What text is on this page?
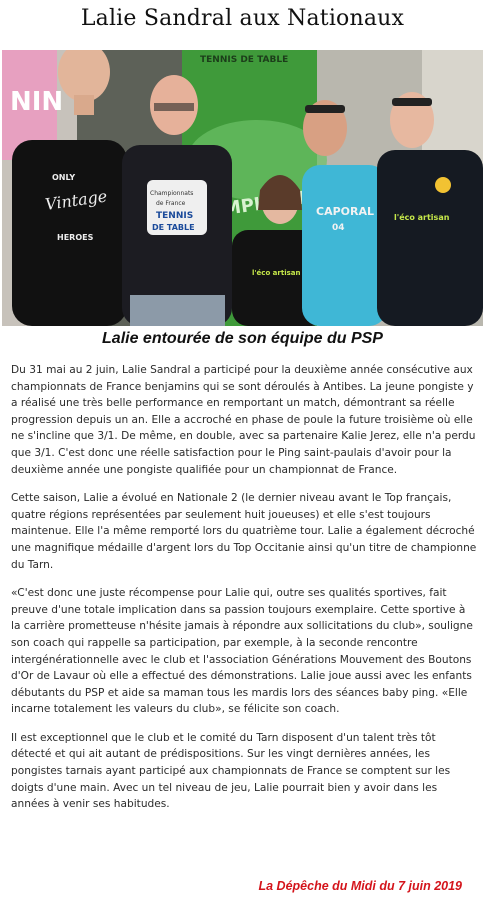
Lalie Sandral aux Nationaux
NIN
TENNIS DE TABLE
ONLY
Vintage
HEROES
Championnats
de France
TENNIS
DE TABLE
l'éco artisan
CAPORAL
04
l'éco artisan
Lalie entourée de son équipe du PSP

Du 31 mai au 2 juin, Lalie Sandral a participé pour la deuxième année consécutive aux championnats de France benjamins qui se sont déroulés à Antibes. La jeune pongiste y a réalisé une très belle performance en remportant un match, démontrant sa réelle progression depuis un an. Elle a accroché en phase de poule la future troisième où elle ne s'incline que 3/1. De même, en double, avec sa partenaire Kalie Jerez, elle n'a perdu que 3/1. C'est donc une réelle satisfaction pour le Ping saint-paulais d'avoir pour la deuxième année une pongiste qualifiée pour un championnat de France.

Cette saison, Lalie a évolué en Nationale 2 (le dernier niveau avant le Top français, quatre régions représentées par seulement huit joueuses) et elle s'est toujours maintenue. Elle l'a même remporté lors du quatrième tour. Lalie a également décroché une magnifique médaille d'argent lors du Top Occitanie ainsi qu'un titre de championne du Tarn.

«C'est donc une juste récompense pour Lalie qui, outre ses qualités sportives, fait preuve d'une totale implication dans sa passion toujours exemplaire. Cette sportive à la carrière prometteuse n'hésite jamais à répondre aux sollicitations du club», souligne son coach qui rappelle sa participation, par exemple, à la seconde rencontre intergénérationnelle avec le club et l'association Générations Mouvement des Boutons d'Or de Lavaur où elle a effectué des démonstrations. Lalie joue aussi avec les enfants débutants du PSP et aide sa maman tous les mardis lors des séances baby ping. «Elle incarne totalement les valeurs du club», se félicite son coach.

Il est exceptionnel que le club et le comité du Tarn disposent d'un talent très tôt détecté et qui ait autant de prédispositions. Sur les vingt dernières années, les pongistes tarnais ayant participé aux championnats de France se comptent sur les doigts d'une main. Avec un tel niveau de jeu, Lalie pourrait bien y avoir dans les années à venir ses habitudes.

La Dépêche du Midi du 7 juin 2019
